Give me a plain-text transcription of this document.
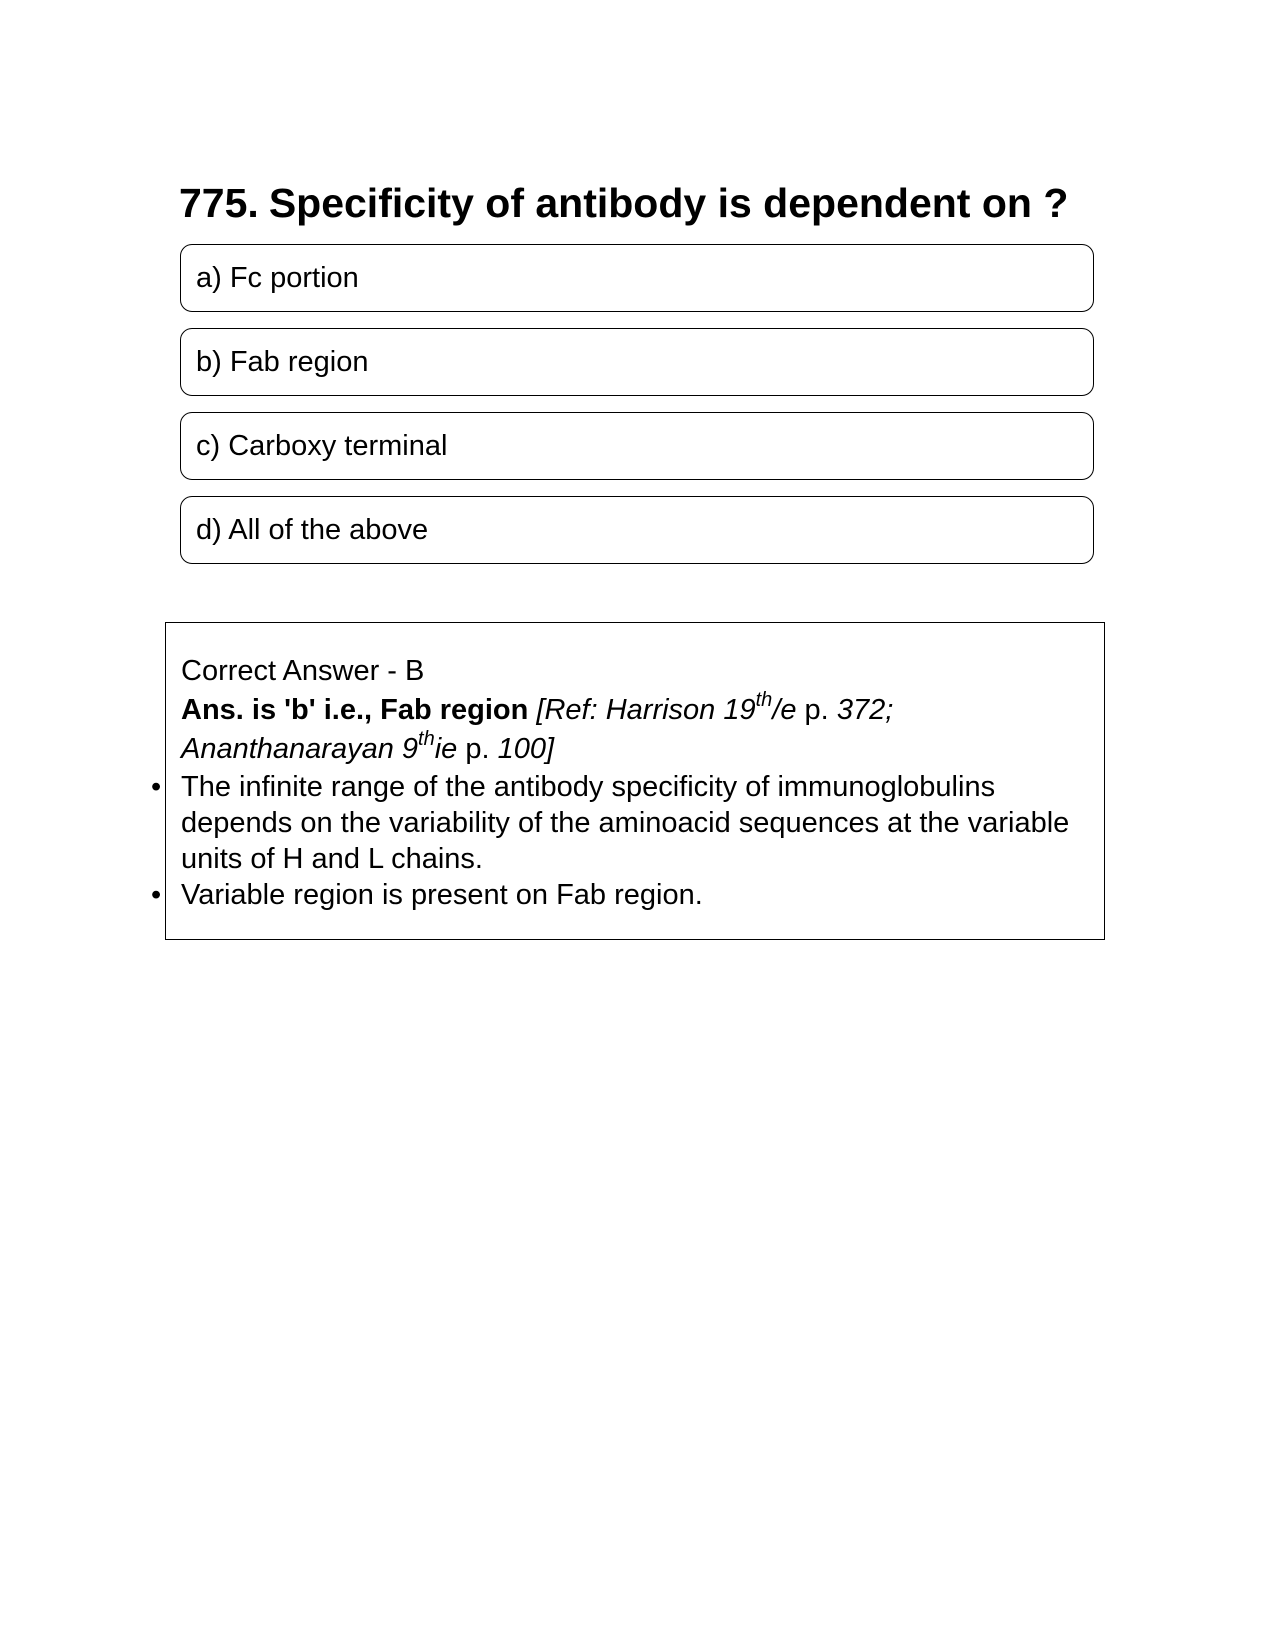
775. Specificity of antibody is dependent on ?
a) Fc portion
b) Fab region
c) Carboxy terminal
d) All of the above
Correct Answer - B
Ans. is 'b' i.e., Fab region [Ref: Harrison 19th/e p. 372;
Ananthanarayan 9thie p. 100]
• The infinite range of the antibody specificity of immunoglobulins depends on the variability of the aminoacid sequences at the variable units of H and L chains.
• Variable region is present on Fab region.
